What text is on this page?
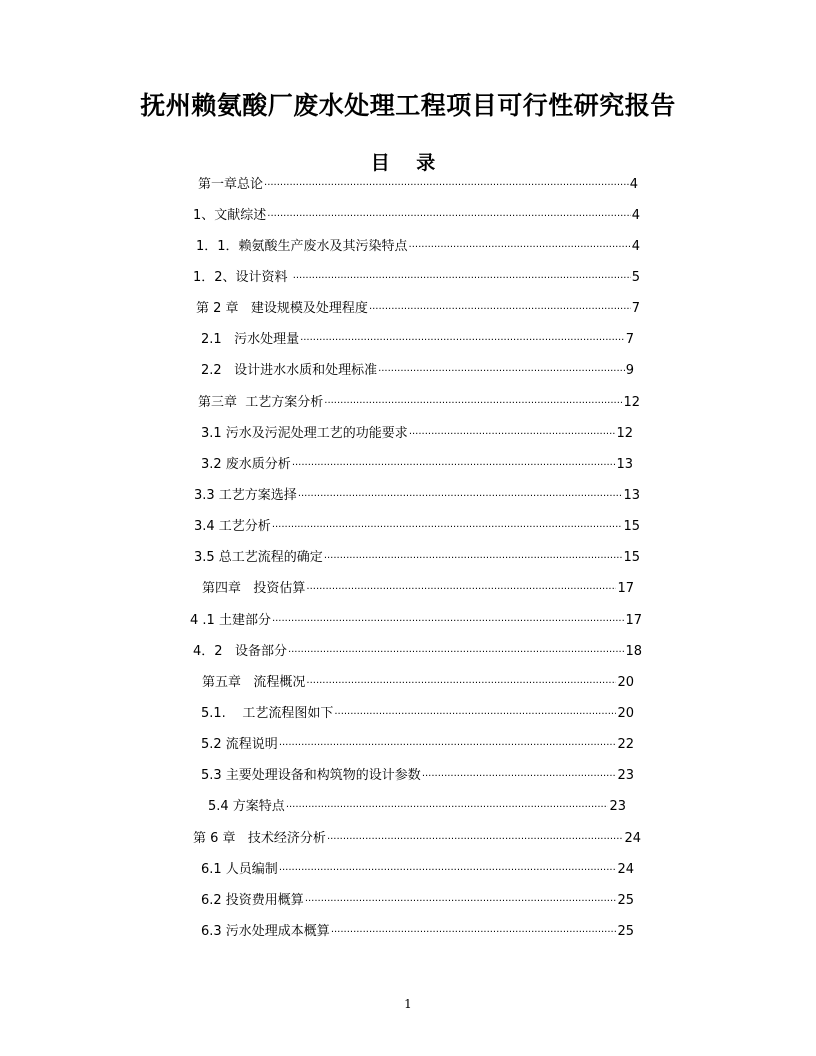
抚州赖氨酸厂废水处理工程项目可行性研究报告
目 录
第一章总论 ·····	4
1、文献综述 ·····	4
1．1．赖氨酸生产废水及其污染特点 ·····	4
1．2、设计资料 ·····	5
第 2 章   建设规模及处理程度 ·····	7
2.1   污水处理量 ·····	7
2.2   设计进水水质和处理标准 ·····	9
第三章  工艺方案分析 ·····	12
3.1 污水及污泥处理工艺的功能要求 ·····	12
3.2 废水质分析 ·····	13
3.3 工艺方案选择 ·····	13
3.4 工艺分析 ·····	15
3.5 总工艺流程的确定 ·····	15
第四章   投资估算 ·····	17
4 .1 土建部分 ·····	17
4．2   设备部分 ·····	18
第五章   流程概况 ·····	20
5.1.    工艺流程图如下 ·····	20
5.2 流程说明 ·····	22
5.3 主要处理设备和构筑物的设计参数 ·····	23
5.4 方案特点 ·····	23
第 6 章   技术经济分析 ·····	24
6.1 人员编制 ·····	24
6.2 投资费用概算 ·····	25
6.3 污水处理成本概算 ·····	25
1
